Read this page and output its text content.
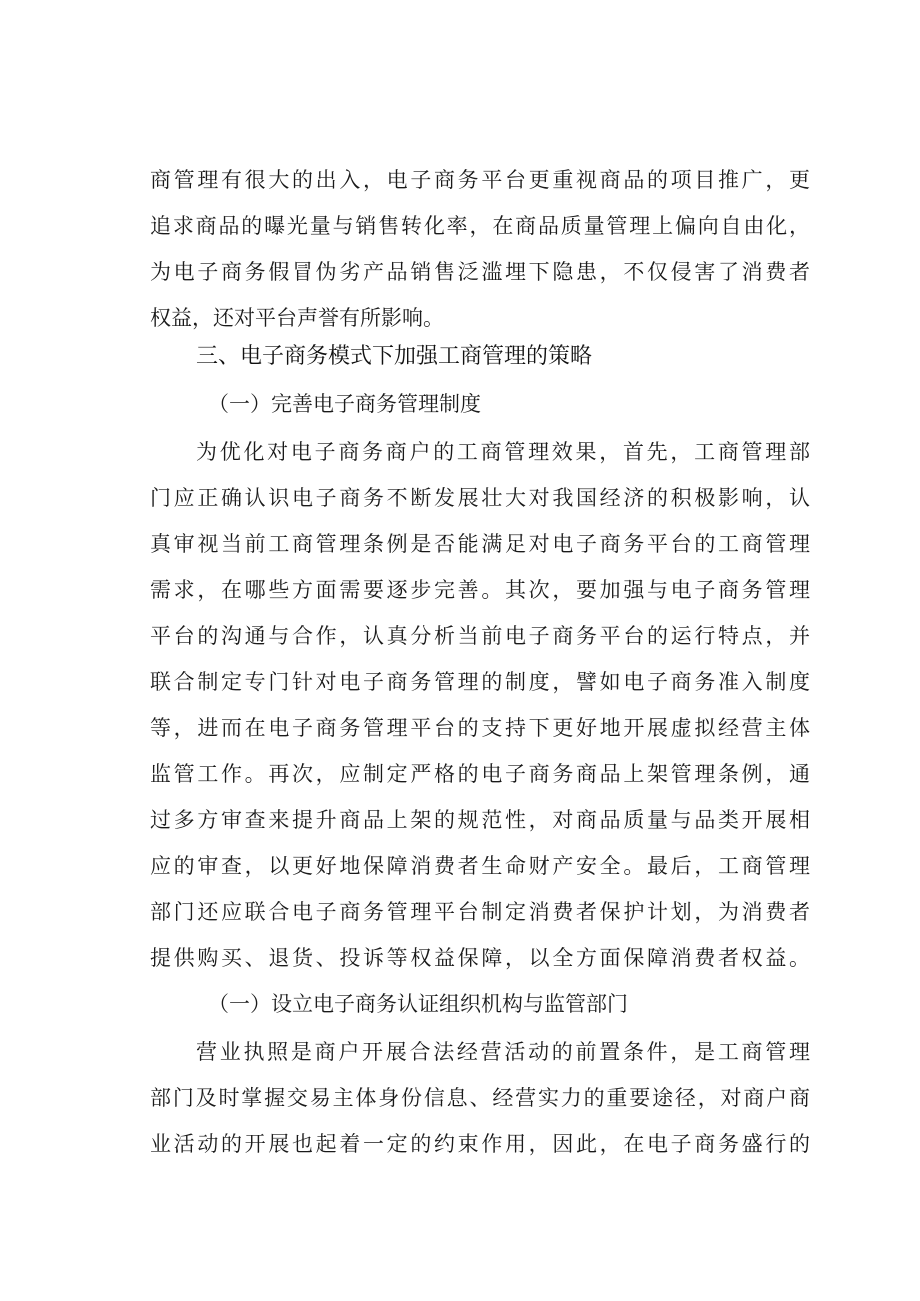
商管理有很大的出入，电子商务平台更重视商品的项目推广，更
追求商品的曝光量与销售转化率，在商品质量管理上偏向自由化，
为电子商务假冒伪劣产品销售泛滥埋下隐患，不仅侵害了消费者
权益，还对平台声誉有所影响。
三、电子商务模式下加强工商管理的策略
（一）完善电子商务管理制度
为优化对电子商务商户的工商管理效果，首先，工商管理部
门应正确认识电子商务不断发展壮大对我国经济的积极影响，认
真审视当前工商管理条例是否能满足对电子商务平台的工商管理
需求，在哪些方面需要逐步完善。其次，要加强与电子商务管理
平台的沟通与合作，认真分析当前电子商务平台的运行特点，并
联合制定专门针对电子商务管理的制度，譬如电子商务准入制度
等，进而在电子商务管理平台的支持下更好地开展虚拟经营主体
监管工作。再次，应制定严格的电子商务商品上架管理条例，通
过多方审查来提升商品上架的规范性，对商品质量与品类开展相
应的审查，以更好地保障消费者生命财产安全。最后，工商管理
部门还应联合电子商务管理平台制定消费者保护计划，为消费者
提供购买、退货、投诉等权益保障，以全方面保障消费者权益。
（一）设立电子商务认证组织机构与监管部门
营业执照是商户开展合法经营活动的前置条件，是工商管理
部门及时掌握交易主体身份信息、经营实力的重要途径，对商户商
业活动的开展也起着一定的约束作用，因此，在电子商务盛行的
